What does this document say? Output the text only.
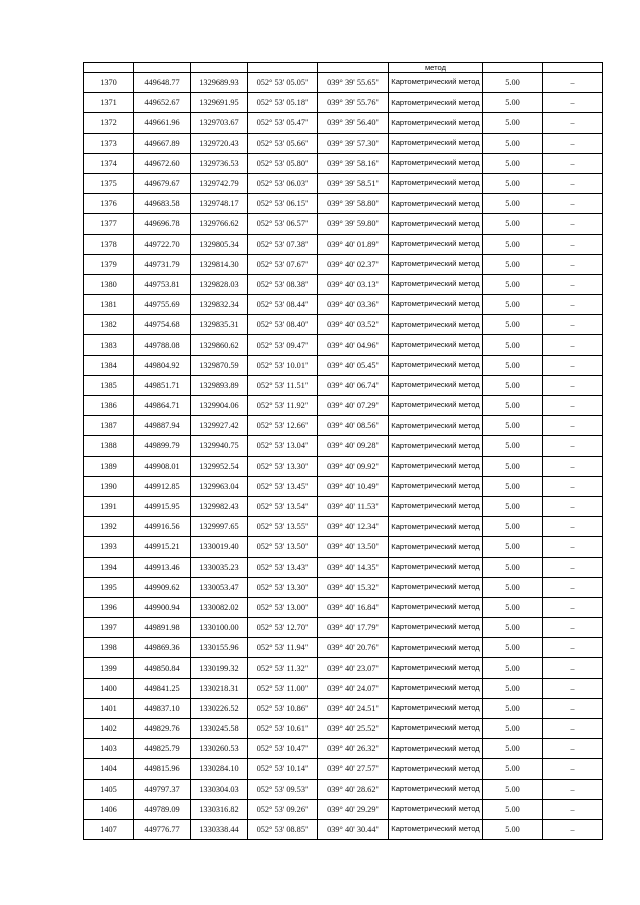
					метод		
1370	449648.77	1329689.93	052° 53' 05.05"	039° 39' 55.65"	Картометрический метод	5.00	–
1371	449652.67	1329691.95	052° 53' 05.18"	039° 39' 55.76"	Картометрический метод	5.00	–
1372	449661.96	1329703.67	052° 53' 05.47"	039° 39' 56.40"	Картометрический метод	5.00	–
1373	449667.89	1329720.43	052° 53' 05.66"	039° 39' 57.30"	Картометрический метод	5.00	–
1374	449672.60	1329736.53	052° 53' 05.80"	039° 39' 58.16"	Картометрический метод	5.00	–
1375	449679.67	1329742.79	052° 53' 06.03"	039° 39' 58.51"	Картометрический метод	5.00	–
1376	449683.58	1329748.17	052° 53' 06.15"	039° 39' 58.80"	Картометрический метод	5.00	–
1377	449696.78	1329766.62	052° 53' 06.57"	039° 39' 59.80"	Картометрический метод	5.00	–
1378	449722.70	1329805.34	052° 53' 07.38"	039° 40' 01.89"	Картометрический метод	5.00	–
1379	449731.79	1329814.30	052° 53' 07.67"	039° 40' 02.37"	Картометрический метод	5.00	–
1380	449753.81	1329828.03	052° 53' 08.38"	039° 40' 03.13"	Картометрический метод	5.00	–
1381	449755.69	1329832.34	052° 53' 08.44"	039° 40' 03.36"	Картометрический метод	5.00	–
1382	449754.68	1329835.31	052° 53' 08.40"	039° 40' 03.52"	Картометрический метод	5.00	–
1383	449788.08	1329860.62	052° 53' 09.47"	039° 40' 04.96"	Картометрический метод	5.00	–
1384	449804.92	1329870.59	052° 53' 10.01"	039° 40' 05.45"	Картометрический метод	5.00	–
1385	449851.71	1329893.89	052° 53' 11.51"	039° 40' 06.74"	Картометрический метод	5.00	–
1386	449864.71	1329904.06	052° 53' 11.92"	039° 40' 07.29"	Картометрический метод	5.00	–
1387	449887.94	1329927.42	052° 53' 12.66"	039° 40' 08.56"	Картометрический метод	5.00	–
1388	449899.79	1329940.75	052° 53' 13.04"	039° 40' 09.28"	Картометрический метод	5.00	–
1389	449908.01	1329952.54	052° 53' 13.30"	039° 40' 09.92"	Картометрический метод	5.00	–
1390	449912.85	1329963.04	052° 53' 13.45"	039° 40' 10.49"	Картометрический метод	5.00	–
1391	449915.95	1329982.43	052° 53' 13.54"	039° 40' 11.53"	Картометрический метод	5.00	–
1392	449916.56	1329997.65	052° 53' 13.55"	039° 40' 12.34"	Картометрический метод	5.00	–
1393	449915.21	1330019.40	052° 53' 13.50"	039° 40' 13.50"	Картометрический метод	5.00	–
1394	449913.46	1330035.23	052° 53' 13.43"	039° 40' 14.35"	Картометрический метод	5.00	–
1395	449909.62	1330053.47	052° 53' 13.30"	039° 40' 15.32"	Картометрический метод	5.00	–
1396	449900.94	1330082.02	052° 53' 13.00"	039° 40' 16.84"	Картометрический метод	5.00	–
1397	449891.98	1330100.00	052° 53' 12.70"	039° 40' 17.79"	Картометрический метод	5.00	–
1398	449869.36	1330155.96	052° 53' 11.94"	039° 40' 20.76"	Картометрический метод	5.00	–
1399	449850.84	1330199.32	052° 53' 11.32"	039° 40' 23.07"	Картометрический метод	5.00	–
1400	449841.25	1330218.31	052° 53' 11.00"	039° 40' 24.07"	Картометрический метод	5.00	–
1401	449837.10	1330226.52	052° 53' 10.86"	039° 40' 24.51"	Картометрический метод	5.00	–
1402	449829.76	1330245.58	052° 53' 10.61"	039° 40' 25.52"	Картометрический метод	5.00	–
1403	449825.79	1330260.53	052° 53' 10.47"	039° 40' 26.32"	Картометрический метод	5.00	–
1404	449815.96	1330284.10	052° 53' 10.14"	039° 40' 27.57"	Картометрический метод	5.00	–
1405	449797.37	1330304.03	052° 53' 09.53"	039° 40' 28.62"	Картометрический метод	5.00	–
1406	449789.09	1330316.82	052° 53' 09.26"	039° 40' 29.29"	Картометрический метод	5.00	–
1407	449776.77	1330338.44	052° 53' 08.85"	039° 40' 30.44"	Картометрический метод	5.00	–
